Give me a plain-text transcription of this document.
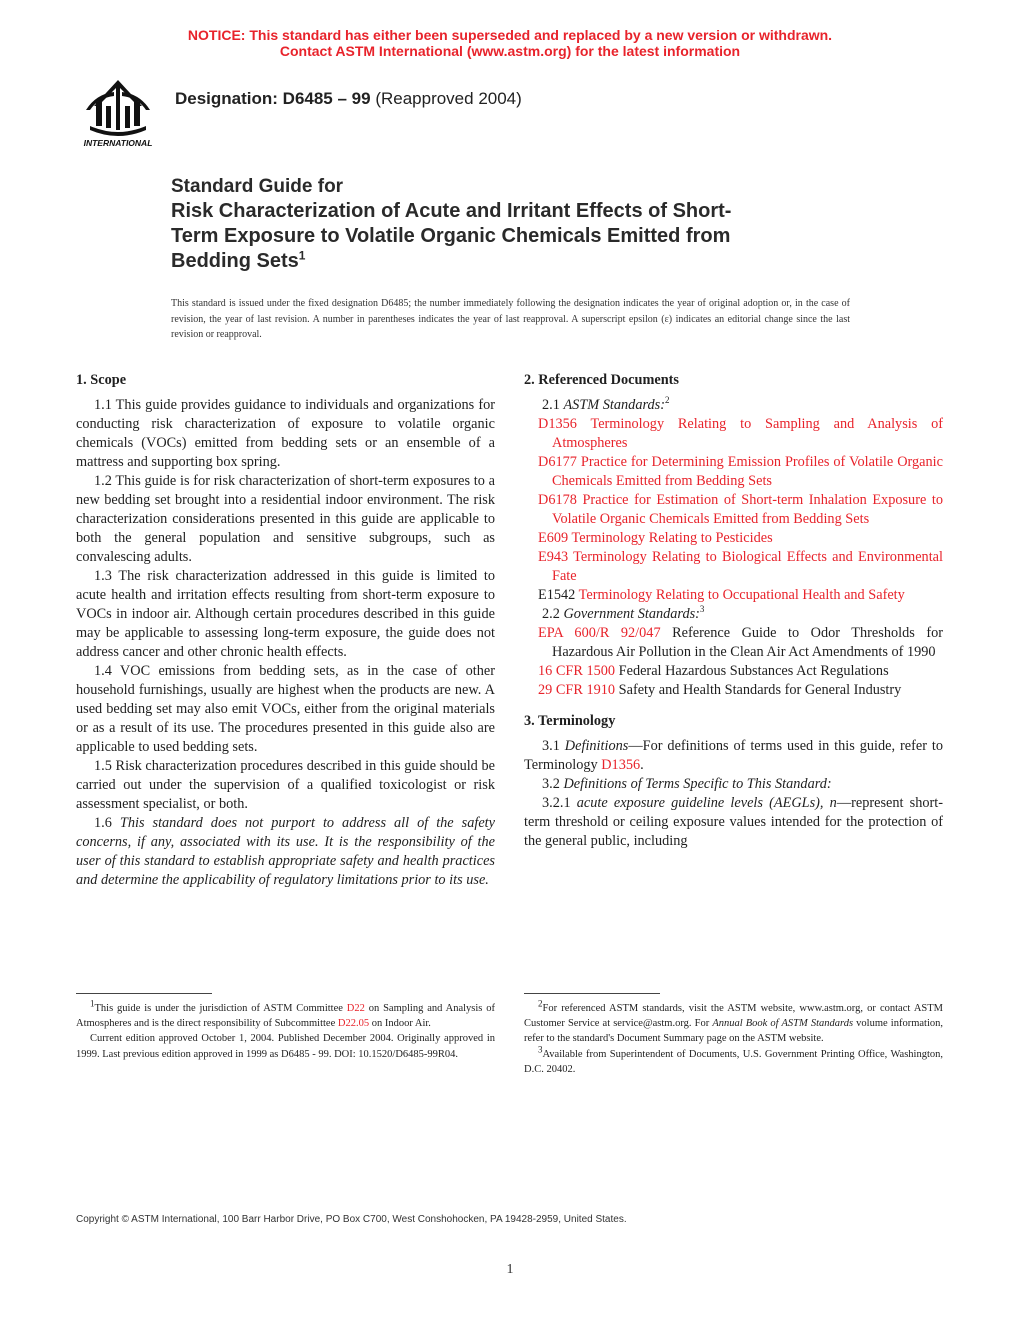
NOTICE: This standard has either been superseded and replaced by a new version or withdrawn.
Contact ASTM International (www.astm.org) for the latest information
INTERNATIONAL
Designation: D6485 – 99 (Reapproved 2004)
Standard Guide for
Risk Characterization of Acute and Irritant Effects of Short-
Term Exposure to Volatile Organic Chemicals Emitted from
Bedding Sets$^1$
This standard is issued under the fixed designation D6485; the number immediately following the designation indicates the year of original adoption or, in the case of revision, the year of last revision. A number in parentheses indicates the year of last reapproval. A superscript epsilon (ε) indicates an editorial change since the last revision or reapproval.
1. Scope

1.1 This guide provides guidance to individuals and organizations for conducting risk characterization of exposure to volatile organic chemicals (VOCs) emitted from bedding sets or an ensemble of a mattress and supporting box spring.

1.2 This guide is for risk characterization of short-term exposures to a new bedding set brought into a residential indoor environment. The risk characterization considerations presented in this guide are applicable to both the general population and sensitive subgroups, such as convalescing adults.

1.3 The risk characterization addressed in this guide is limited to acute health and irritation effects resulting from short-term exposure to VOCs in indoor air. Although certain procedures described in this guide may be applicable to assessing long-term exposure, the guide does not address cancer and other chronic health effects.

1.4 VOC emissions from bedding sets, as in the case of other household furnishings, usually are highest when the products are new. A used bedding set may also emit VOCs, either from the original materials or as a result of its use. The procedures presented in this guide also are applicable to used bedding sets.

1.5 Risk characterization procedures described in this guide should be carried out under the supervision of a qualified toxicologist or risk assessment specialist, or both.

1.6 This standard does not purport to address all of the safety concerns, if any, associated with its use. It is the responsibility of the user of this standard to establish appropriate safety and health practices and determine the applicability of regulatory limitations prior to its use.

2. Referenced Documents

2.1 ASTM Standards:$^2$

D1356 Terminology Relating to Sampling and Analysis of Atmospheres

D6177 Practice for Determining Emission Profiles of Volatile Organic Chemicals Emitted from Bedding Sets

D6178 Practice for Estimation of Short-term Inhalation Exposure to Volatile Organic Chemicals Emitted from Bedding Sets

E609 Terminology Relating to Pesticides

E943 Terminology Relating to Biological Effects and Environmental Fate

E1542 Terminology Relating to Occupational Health and Safety

2.2 Government Standards:$^3$

EPA 600/R 92/047 Reference Guide to Odor Thresholds for Hazardous Air Pollution in the Clean Air Act Amendments of 1990

16 CFR 1500 Federal Hazardous Substances Act Regulations

29 CFR 1910 Safety and Health Standards for General Industry

3. Terminology

3.1 Definitions—For definitions of terms used in this guide, refer to Terminology D1356.

3.2 Definitions of Terms Specific to This Standard:

3.2.1 acute exposure guideline levels (AEGLs), n—represent short-term threshold or ceiling exposure values intended for the protection of the general public, including

$^1$This guide is under the jurisdiction of ASTM Committee D22 on Sampling and Analysis of Atmospheres and is the direct responsibility of Subcommittee D22.05 on Indoor Air.

Current edition approved October 1, 2004. Published December 2004. Originally approved in 1999. Last previous edition approved in 1999 as D6485 - 99. DOI: 10.1520/D6485-99R04.

$^2$For referenced ASTM standards, visit the ASTM website, www.astm.org, or contact ASTM Customer Service at service@astm.org. For Annual Book of ASTM Standards volume information, refer to the standard's Document Summary page on the ASTM website.

$^3$Available from Superintendent of Documents, U.S. Government Printing Office, Washington, D.C. 20402.

Copyright © ASTM International, 100 Barr Harbor Drive, PO Box C700, West Conshohocken, PA 19428-2959, United States.
1
